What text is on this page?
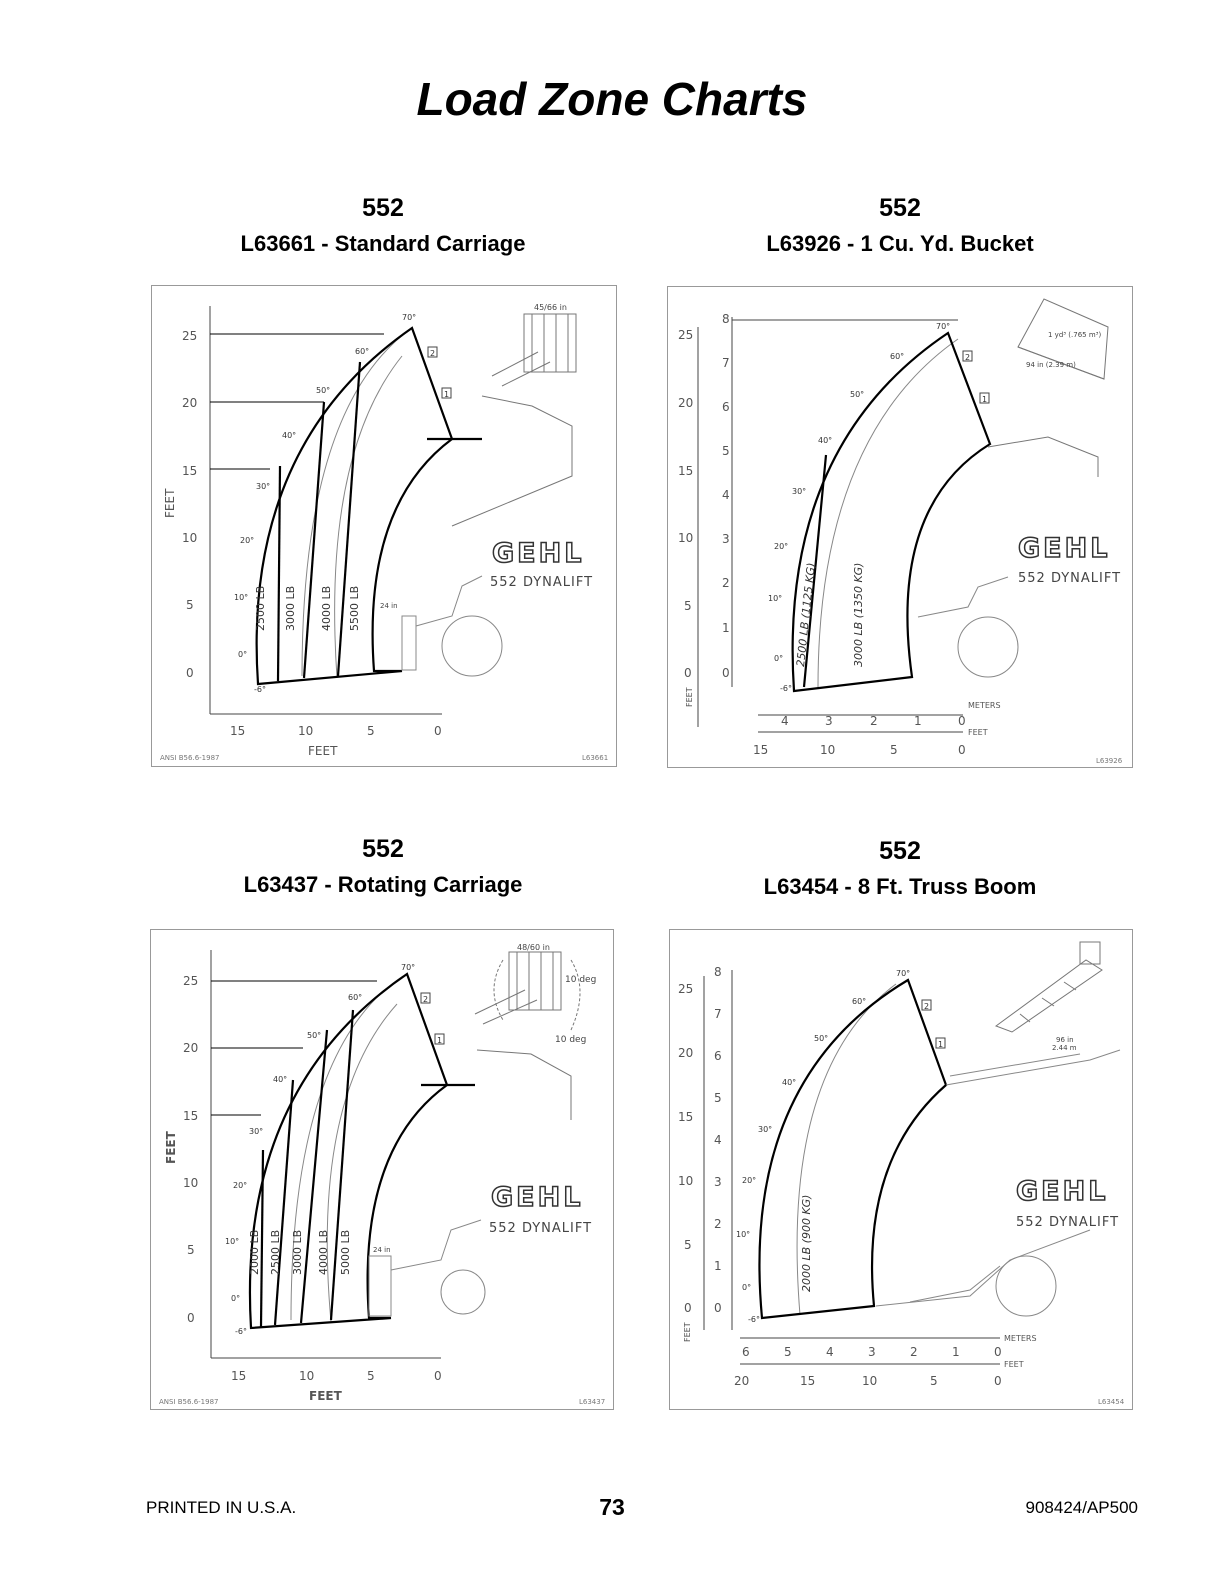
Load Zone Charts
552
L63661 - Standard Carriage
552
L63926 - 1 Cu. Yd. Bucket
552
L63437 - Rotating Carriage
552
L63454 - 8 Ft. Truss Boom
25
20
15
10
5
0
15	10	5	0
FEET
FEET
-6°
0°
10°
20°
30°
40°
50°
60°
70°
2500 LB 3000 LB 4000 LB 5500 LB
45/66 in
24 in
2
1
GEHL
552 DYNALIFT
ANSI B56.6-1987	L63661
25
20
15
10
5
0
8
7
6
5
4
3
2
1
0
4	3	2	1	0
15	10	5	0
METERS
FEET
FEET	-6°
0°
10°
20°
30°
40°
50°
60°
70°
2500 LB (1125 KG)	3000 LB (1350 KG)
1 yd³ (.765 m³)
94 in (2.39 m)
2
1
GEHL
552 DYNALIFT
L63926
25
20
15
10
5
0
15	10	5	0
FEET
FEET
-6°
0°
10°
20°
30°
40°
50°
60°
70°
2000 LB 2500 LB 3000 LB 4000 LB 5000 LB
48/60 in
10 deg
10 deg
24 in
2
1
GEHL
552 DYNALIFT
ANSI B56.6-1987	L63437
25
20
15
10
5
0
8
7
6
5
4
3
2
1
0
6	5	4	3	2	1	0
20	15	10	5	0
METERS
FEET
FEET
-6°
0°
10°
20°
30°
40°
50°
60°
70°
2000 LB (900 KG)
96 in
2.44 m
2
1
GEHL
552 DYNALIFT
L63454
PRINTED IN U.S.A.	73	908424/AP500
